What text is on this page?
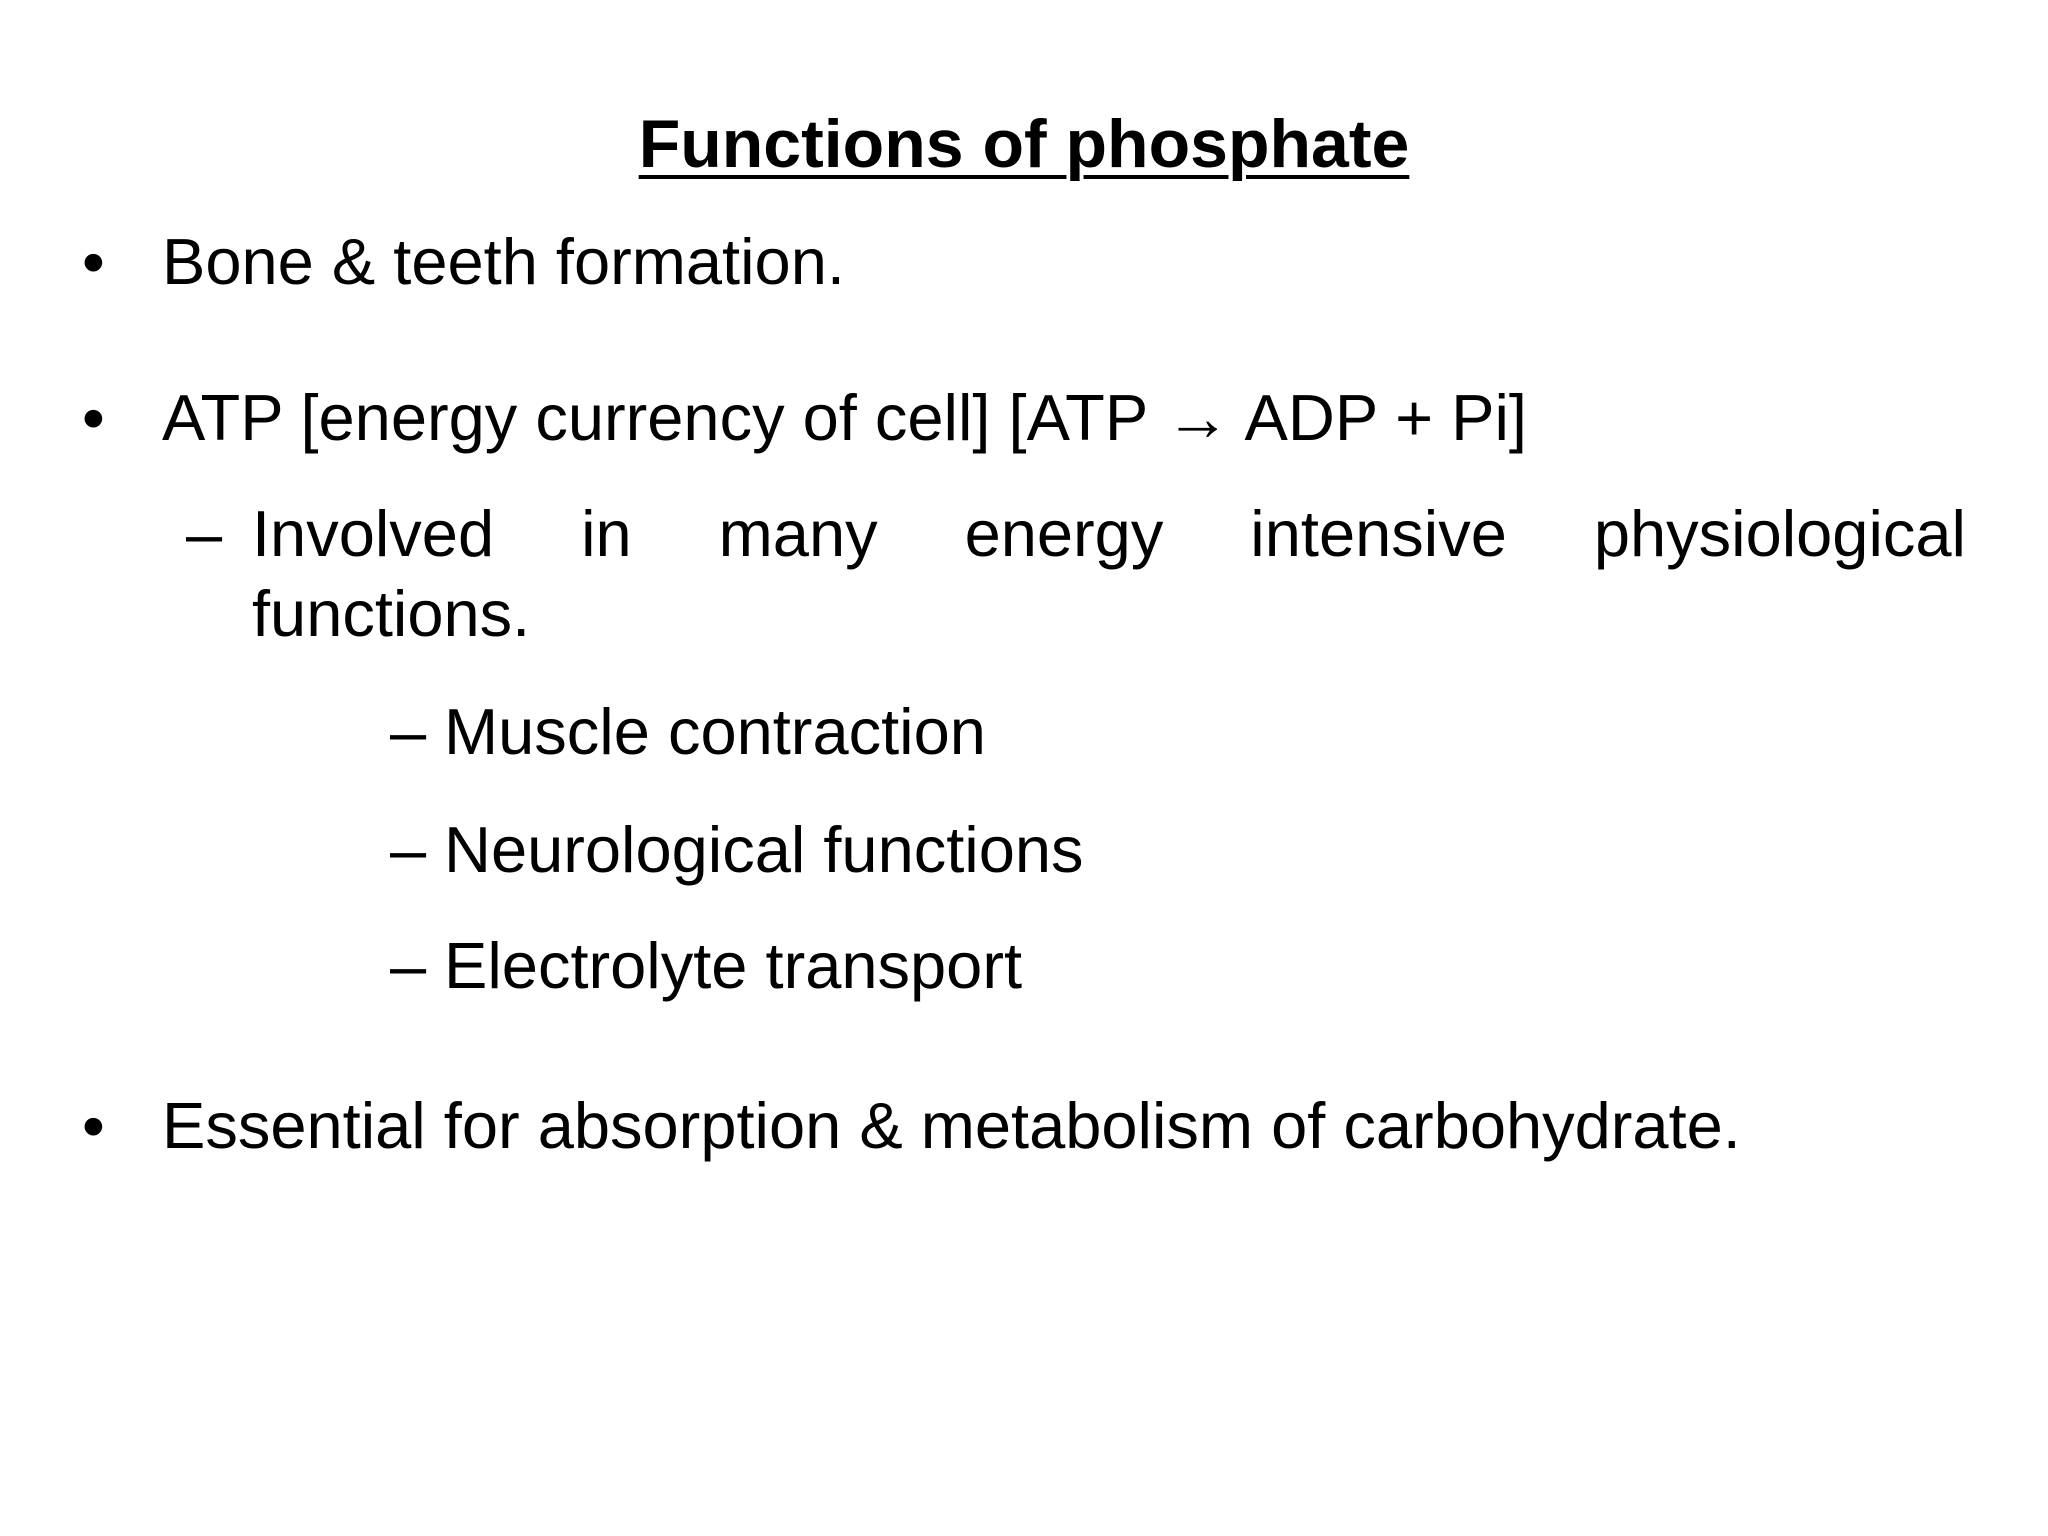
Functions of phosphate
• Bone & teeth formation.
• ATP [energy currency of cell] [ATP → ADP + Pi]
– Involved in many energy intensive physiological
functions.
– Muscle contraction
– Neurological functions
– Electrolyte transport
• Essential for absorption & metabolism of carbohydrate.
